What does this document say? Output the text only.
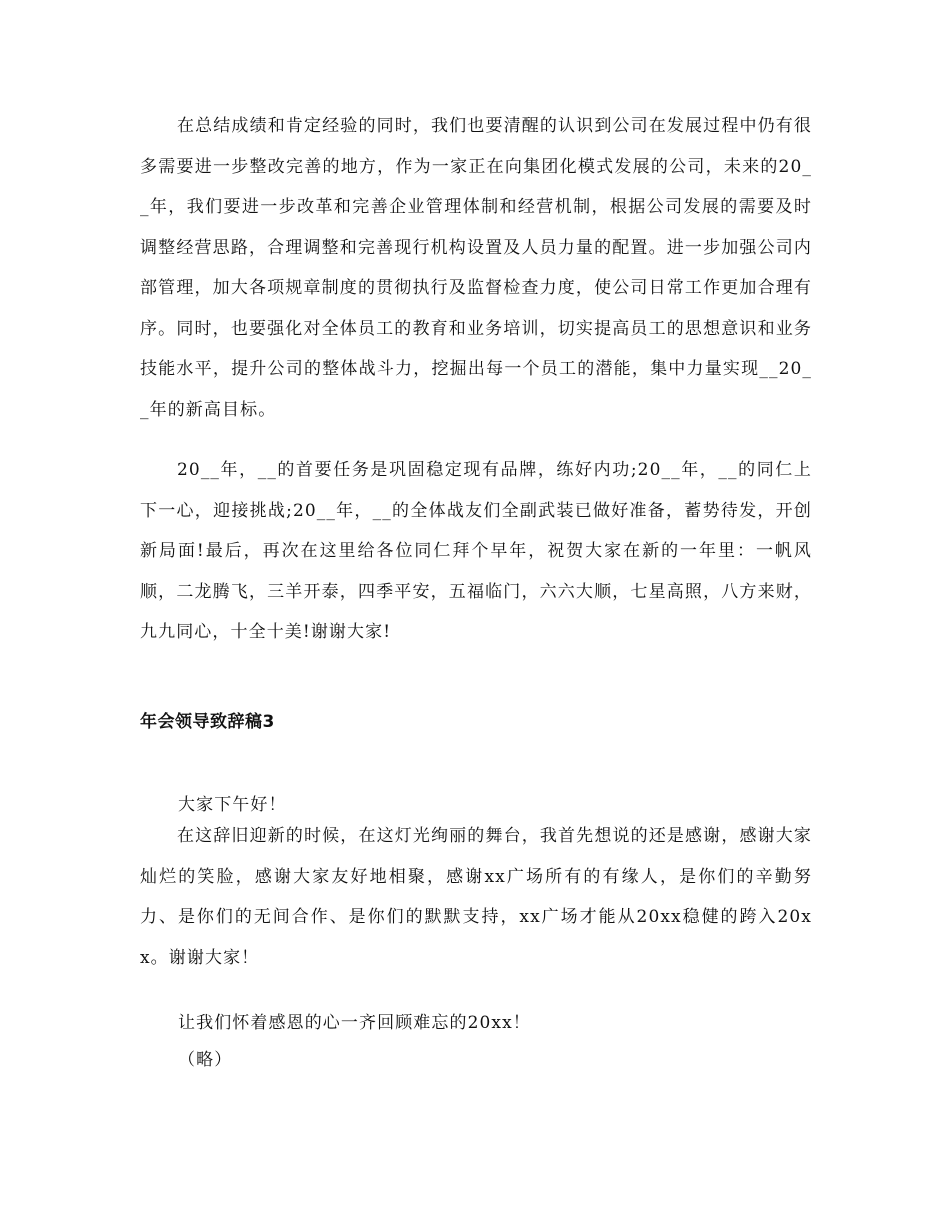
在总结成绩和肯定经验的同时，我们也要清醒的认识到公司在发展过程中仍有很多需要进一步整改完善的地方，作为一家正在向集团化模式发展的公司，未来的20__年，我们要进一步改革和完善企业管理体制和经营机制，根据公司发展的需要及时调整经营思路，合理调整和完善现行机构设置及人员力量的配置。进一步加强公司内部管理，加大各项规章制度的贯彻执行及监督检查力度，使公司日常工作更加合理有序。同时，也要强化对全体员工的教育和业务培训，切实提高员工的思想意识和业务技能水平，提升公司的整体战斗力，挖掘出每一个员工的潜能，集中力量实现__20__年的新高目标。

20__年，__的首要任务是巩固稳定现有品牌，练好内功;20__年，__的同仁上下一心，迎接挑战;20__年，__的全体战友们全副武装已做好准备，蓄势待发，开创新局面!最后，再次在这里给各位同仁拜个早年，祝贺大家在新的一年里：一帆风顺，二龙腾飞，三羊开泰，四季平安，五福临门，六六大顺，七星高照，八方来财，九九同心，十全十美!谢谢大家!

年会领导致辞稿3

大家下午好！

在这辞旧迎新的时候，在这灯光绚丽的舞台，我首先想说的还是感谢，感谢大家灿烂的笑脸，感谢大家友好地相聚，感谢xx广场所有的有缘人，是你们的辛勤努力、是你们的无间合作、是你们的默默支持，xx广场才能从20xx稳健的跨入20xx。谢谢大家！

让我们怀着感恩的心一齐回顾难忘的20xx！

（略）
